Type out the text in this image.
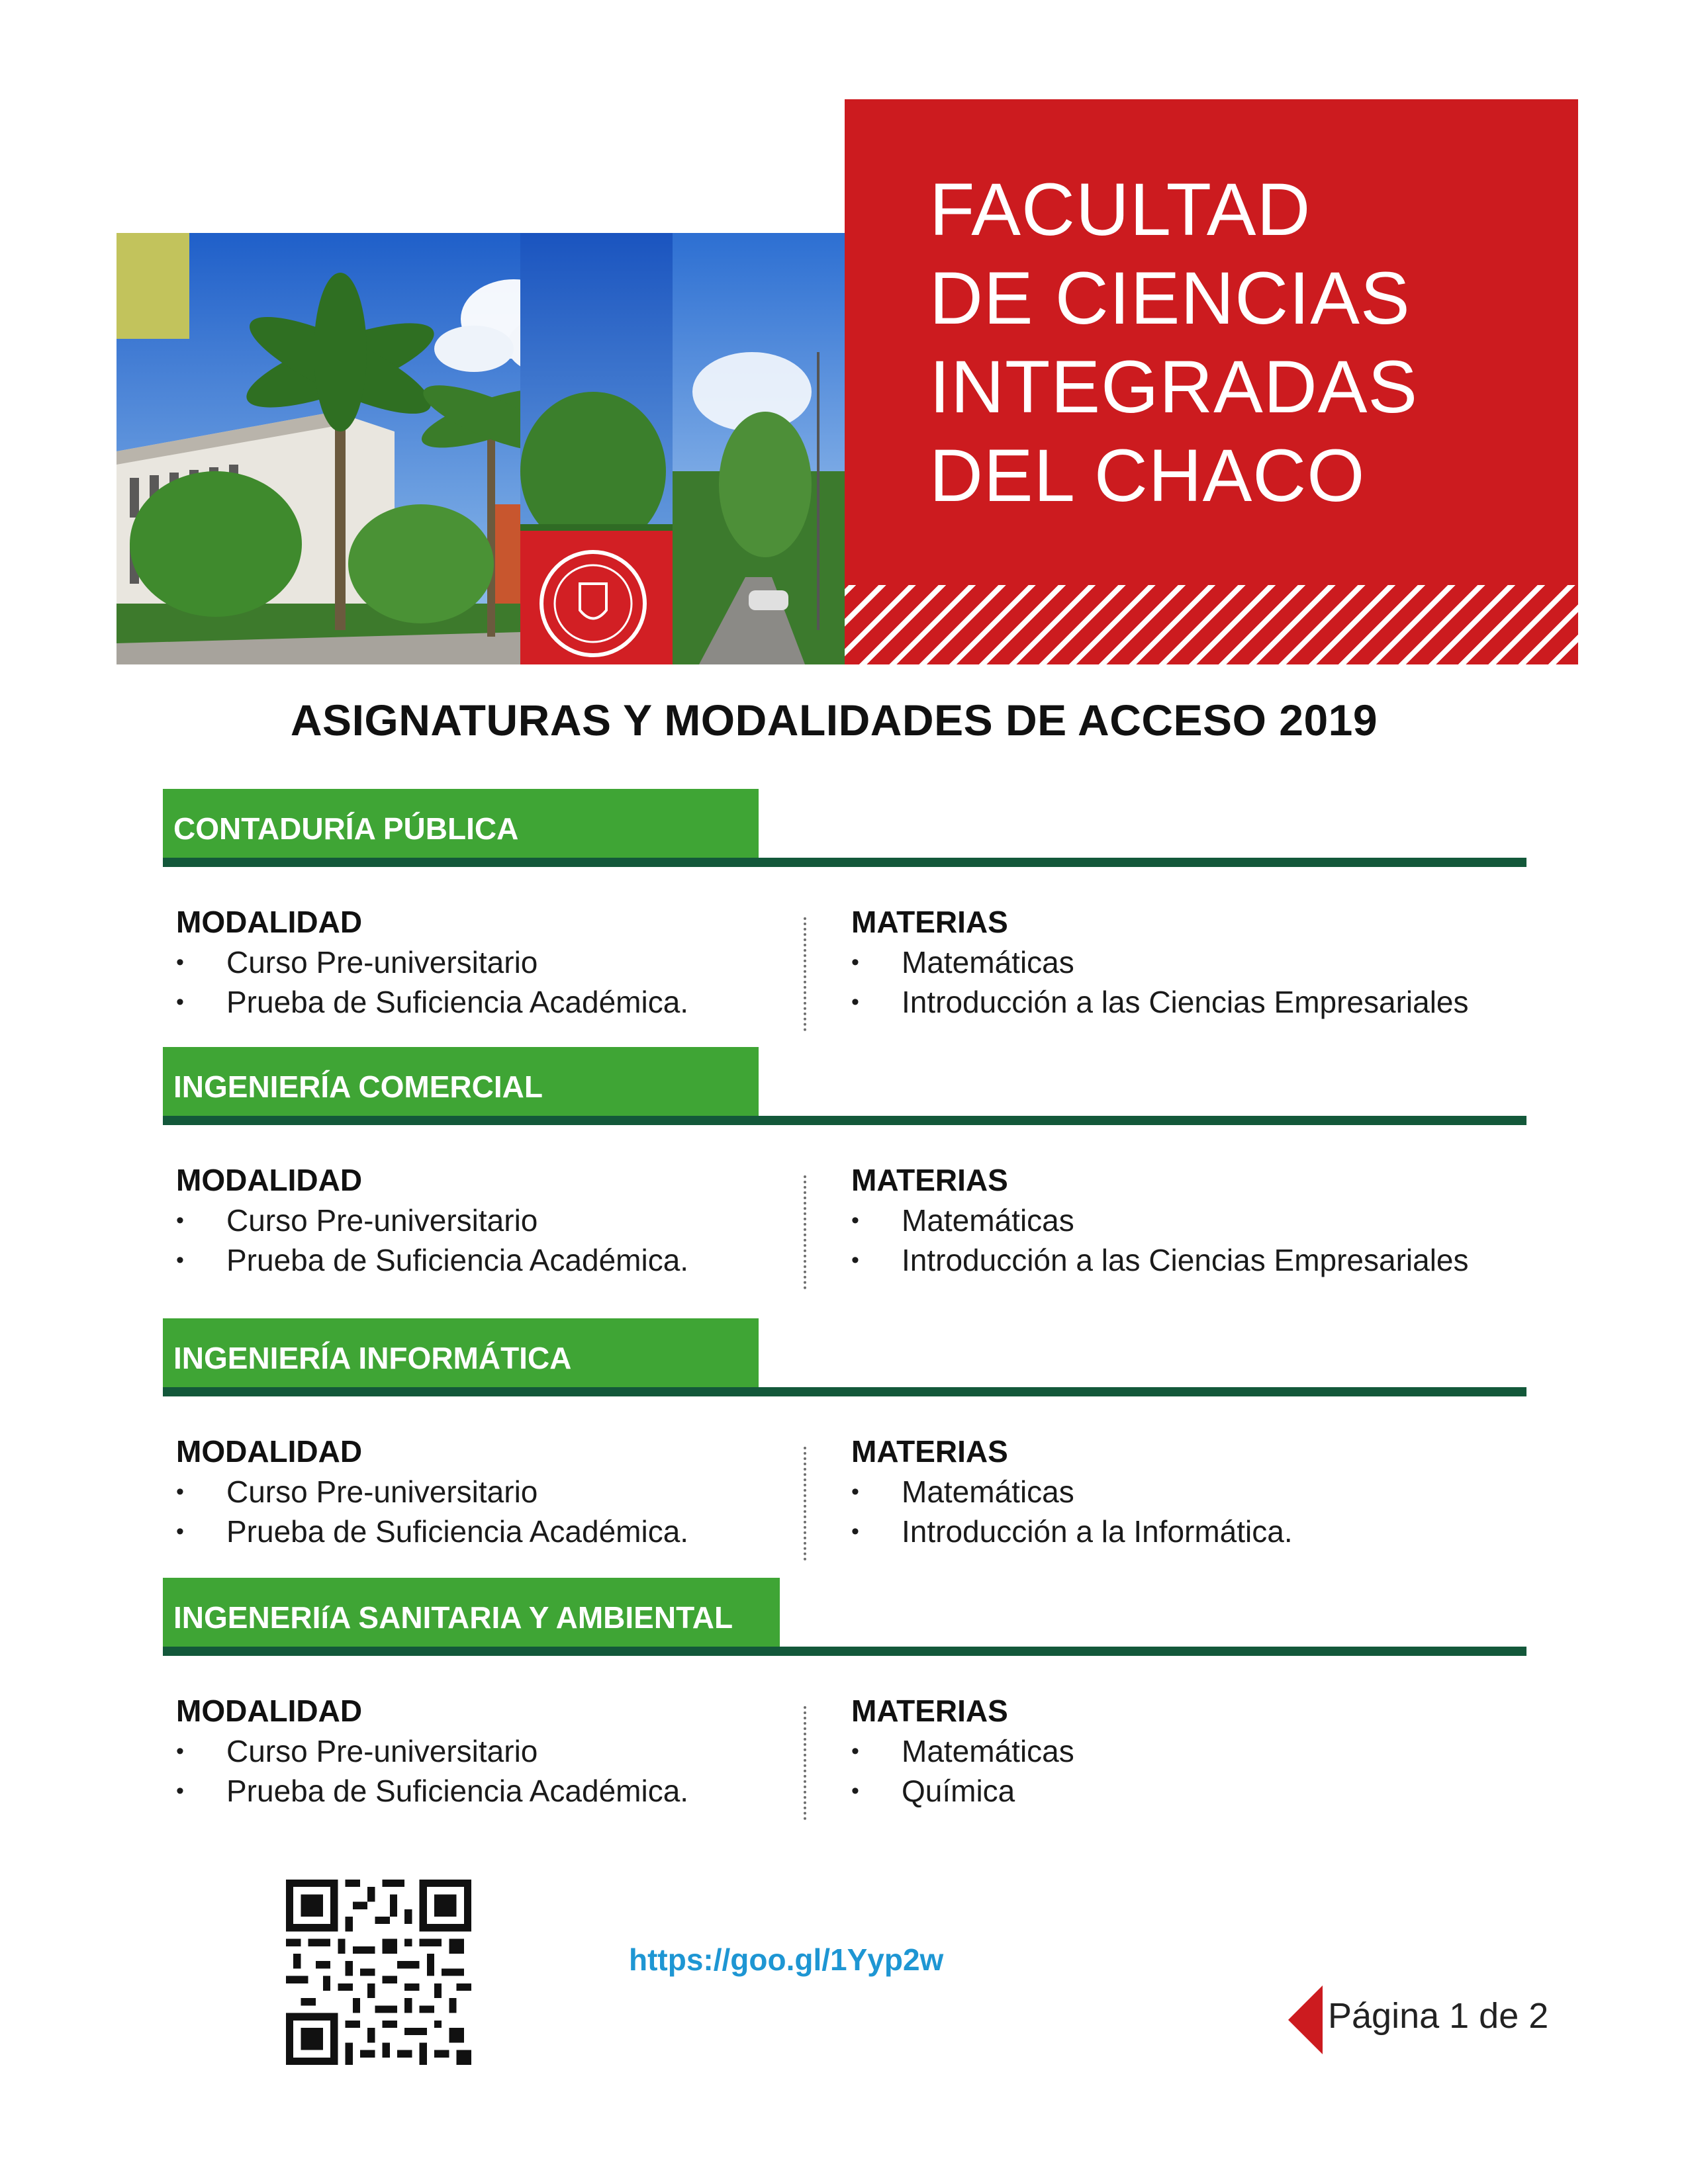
FACULTAD
DE CIENCIAS
INTEGRADAS
DEL CHACO
ASIGNATURAS Y MODALIDADES DE ACCESO 2019
CONTADURÍA PÚBLICA
MODALIDAD
• Curso Pre-universitario
• Prueba de Suficiencia Académica.
MATERIAS
• Matemáticas
• Introducción a las Ciencias Empresariales
INGENIERÍA COMERCIAL
MODALIDAD
• Curso Pre-universitario
• Prueba de Suficiencia Académica.
MATERIAS
• Matemáticas
• Introducción a las Ciencias Empresariales
INGENIERÍA INFORMÁTICA
MODALIDAD
• Curso Pre-universitario
• Prueba de Suficiencia Académica.
MATERIAS
• Matemáticas
• Introducción a la Informática.
INGENERIíA SANITARIA Y AMBIENTAL
MODALIDAD
• Curso Pre-universitario
• Prueba de Suficiencia Académica.
MATERIAS
• Matemáticas
• Química
https://goo.gl/1Yyp2w
Página 1 de 2
